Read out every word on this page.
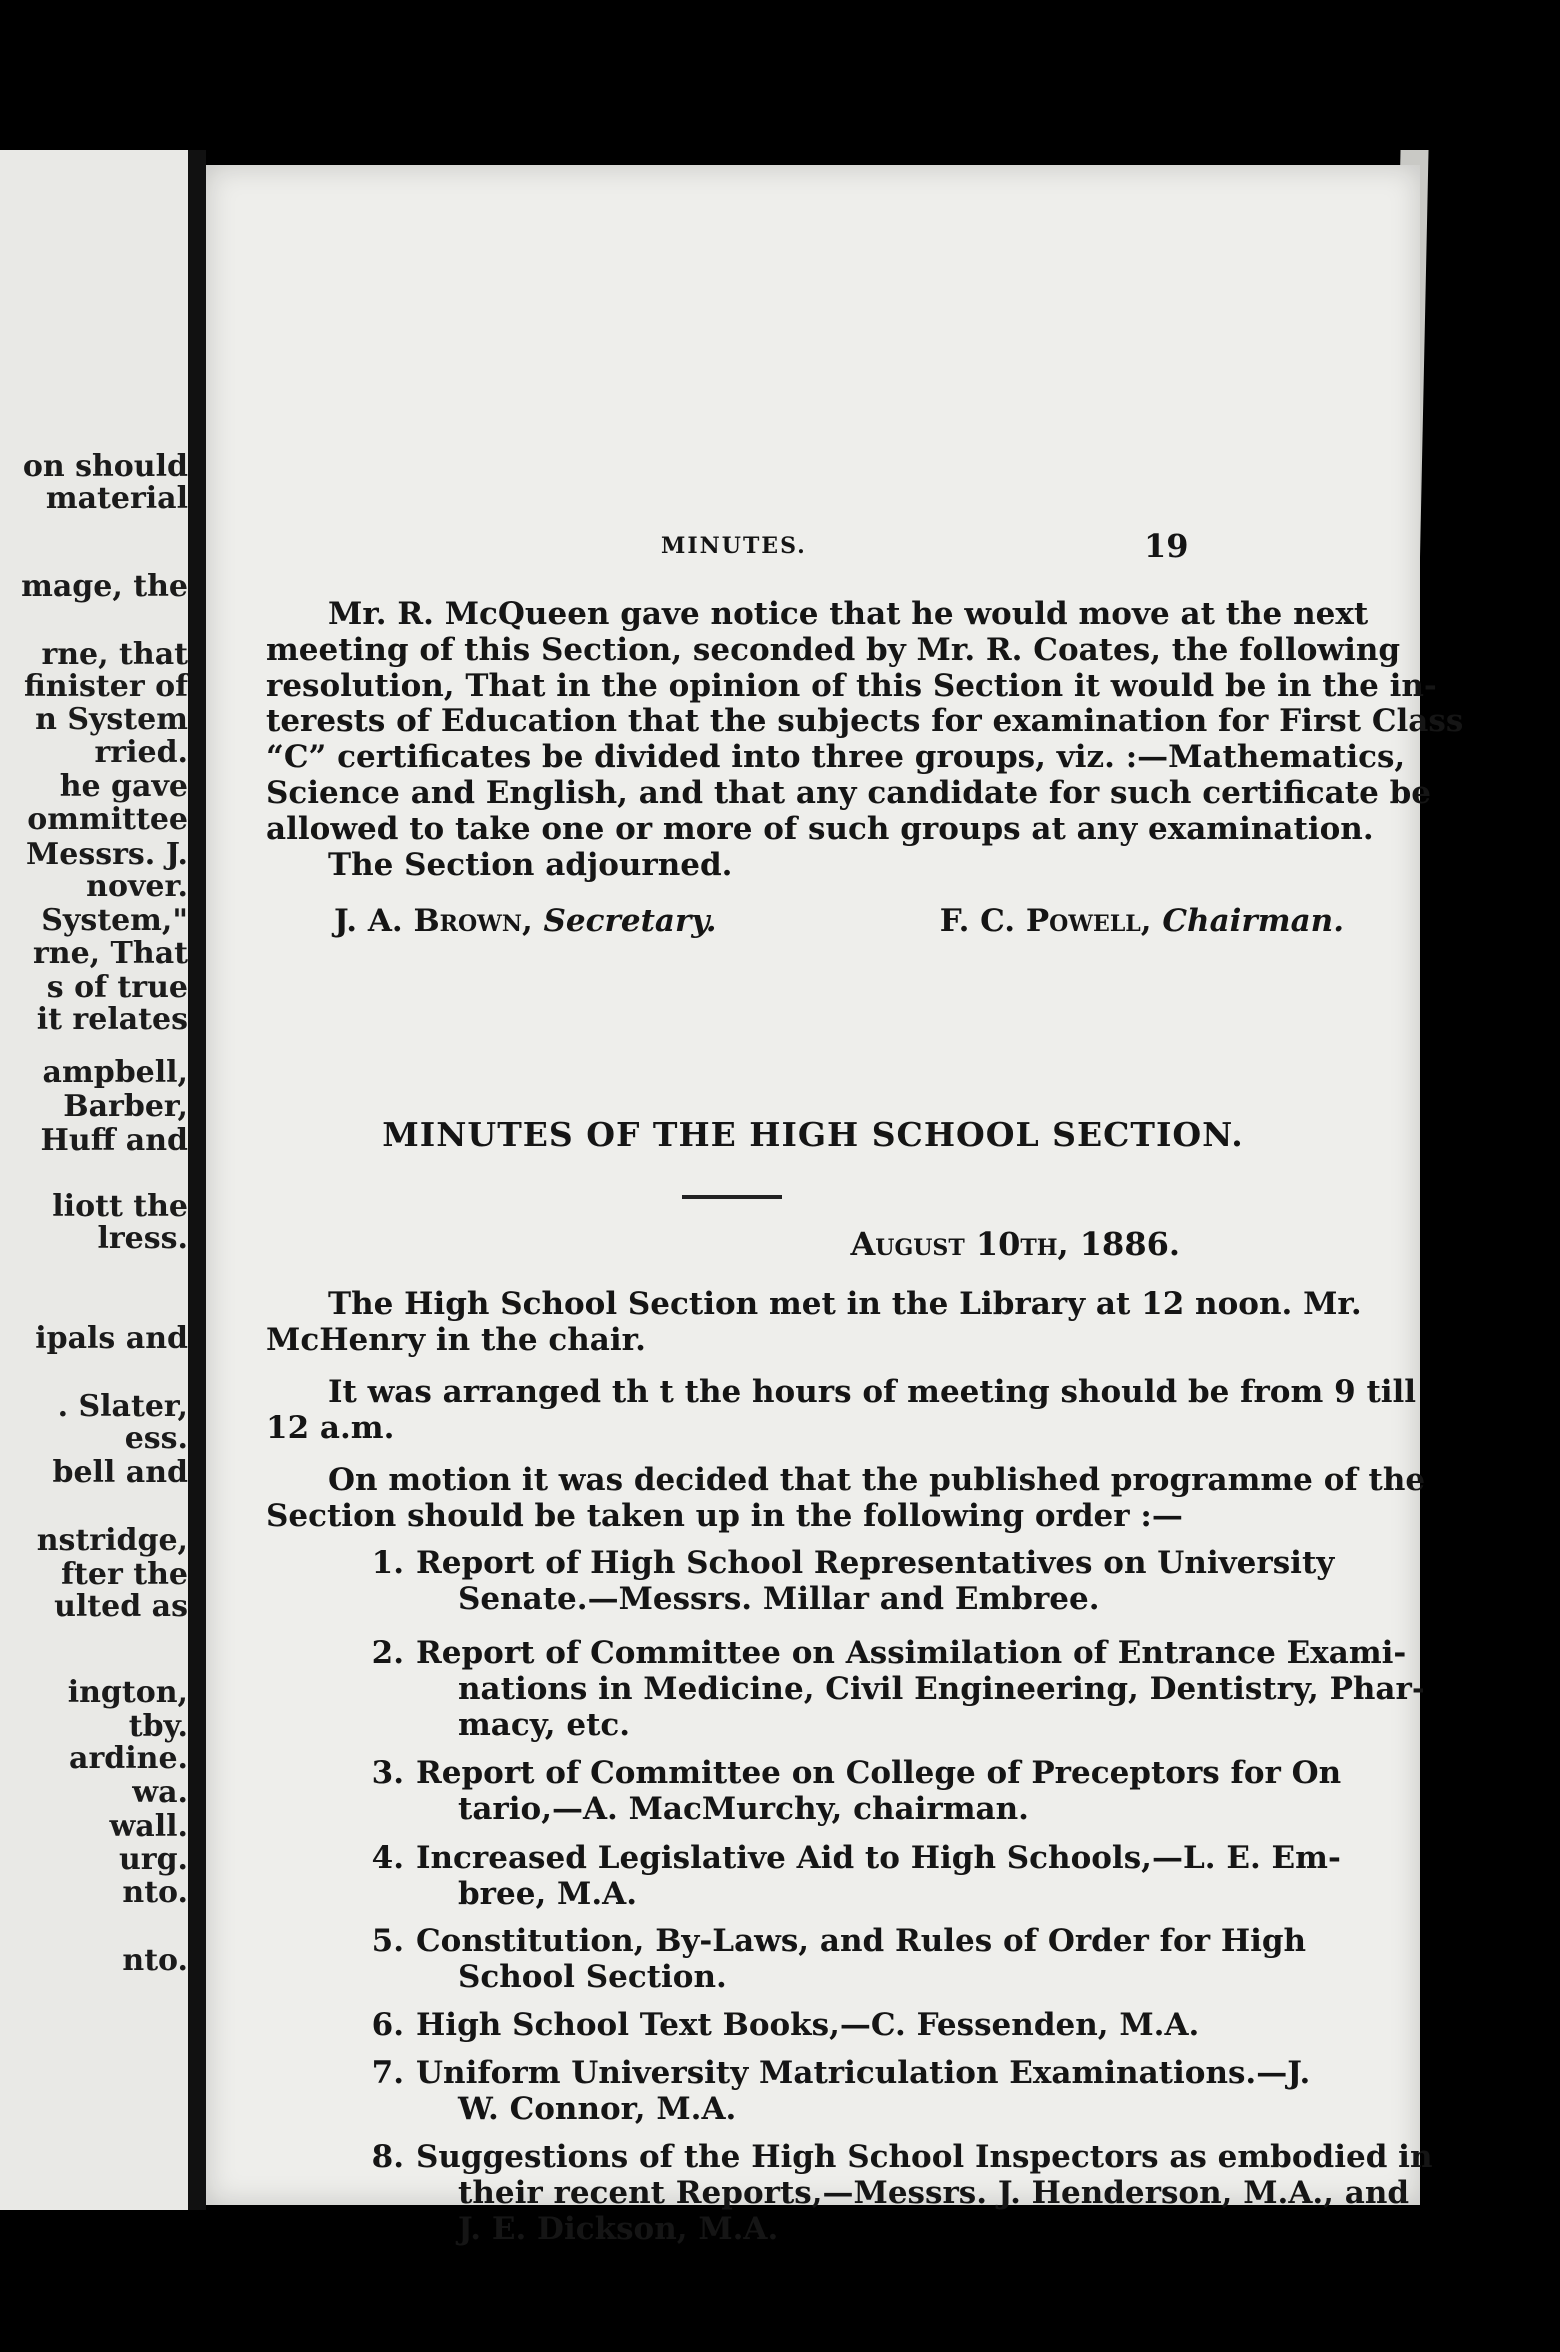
on should
material
mage, the
rne, that
finister of
n System
rried.
he gave
ommittee
Messrs. J.
nover.
System,"
rne, That
s of true
it relates
ampbell,
Barber,
Huff and
liott the
lress.
ipals and
. Slater,
ess.
bell and
nstridge,
fter the
ulted as
ington,
tby.
ardine.
wa.
wall.
urg.
nto.
nto.
MINUTES.	19
Mr. R. McQueen gave notice that he would move at the next
meeting of this Section, seconded by Mr. R. Coates, the following
resolution, That in the opinion of this Section it would be in the in-
terests of Education that the subjects for examination for First Class
“C” certificates be divided into three groups, viz. :—Mathematics,
Science and English, and that any candidate for such certificate be
allowed to take one or more of such groups at any examination.
The Section adjourned.
J. A. Brown, Secretary.	F. C. Powell, Chairman.
MINUTES OF THE HIGH SCHOOL SECTION.
August 10th, 1886.
The High School Section met in the Library at 12 noon. Mr.
McHenry in the chair.
It was arranged th t the hours of meeting should be from 9 till
12 a.m.
On motion it was decided that the published programme of the
Section should be taken up in the following order :—
1. Report of High School Representatives on University
Senate.—Messrs. Millar and Embree.
2. Report of Committee on Assimilation of Entrance Exami-
nations in Medicine, Civil Engineering, Dentistry, Phar-
macy, etc.
3. Report of Committee on College of Preceptors for On
tario,—A. MacMurchy, chairman.
4. Increased Legislative Aid to High Schools,—L. E. Em-
bree, M.A.
5. Constitution, By-Laws, and Rules of Order for High
School Section.
6. High School Text Books,—C. Fessenden, M.A.
7. Uniform University Matriculation Examinations.—J.
W. Connor, M.A.
8. Suggestions of the High School Inspectors as embodied in
their recent Reports,—Messrs. J. Henderson, M.A., and
J. E. Dickson, M.A.
